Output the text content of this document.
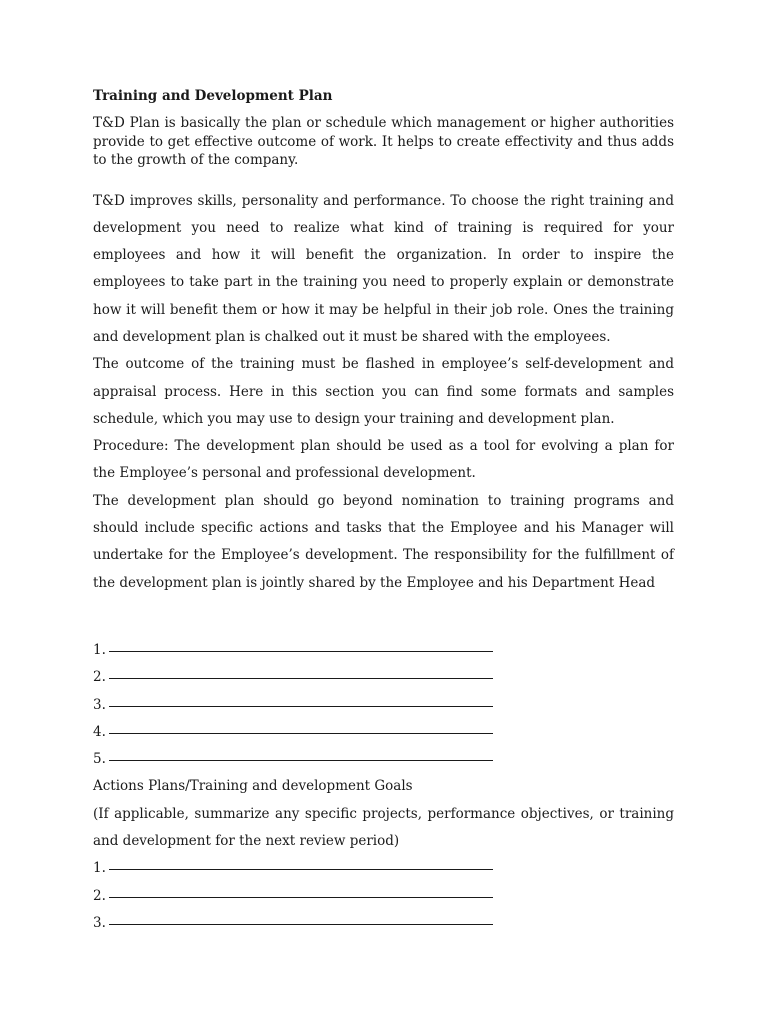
Training and Development Plan

T&D Plan is basically the plan or schedule which management or higher authorities provide to get effective outcome of work. It helps to create effectivity and thus adds to the growth of the company.

T&D improves skills, personality and performance. To choose the right training and development you need to realize what kind of training is required for your employees and how it will benefit the organization. In order to inspire the employees to take part in the training you need to properly explain or demonstrate how it will benefit them or how it may be helpful in their job role. Ones the training and development plan is chalked out it must be shared with the employees.

The outcome of the training must be flashed in employee’s self-development and appraisal process. Here in this section you can find some formats and samples schedule, which you may use to design your training and development plan.

Procedure: The development plan should be used as a tool for evolving a plan for the Employee’s personal and professional development.

The development plan should go beyond nomination to training programs and should include specific actions and tasks that the Employee and his Manager will undertake for the Employee’s development. The responsibility for the fulfillment of the development plan is jointly shared by the Employee and his Department Head

1.
2.
3.
4.
5.

Actions Plans/Training and development Goals

(If applicable, summarize any specific projects, performance objectives, or training and development for the next review period)

1.
2.
3.
